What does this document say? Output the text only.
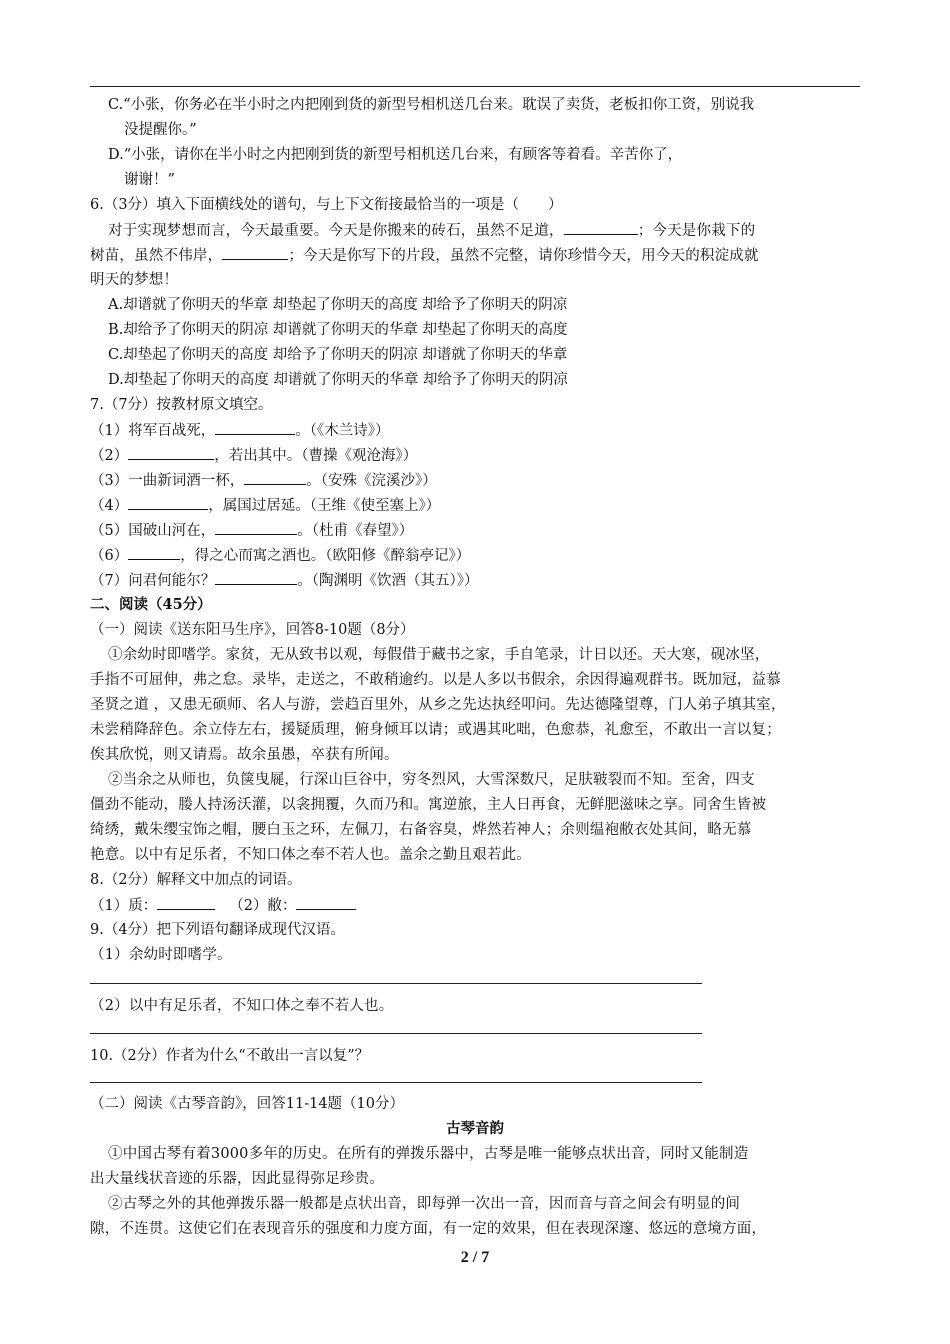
C.“小张，你务必在半小时之内把刚到货的新型号相机送几台来。耽误了卖货，老板扣你工资，别说我
没提醒你。”
D.“小张，请你在半小时之内把刚到货的新型号相机送几台来，有顾客等着看。辛苦你了，
谢谢！”
6.（3分）填入下面横线处的谱句，与上下文衔接最恰当的一项是（　　）
对于实现梦想而言，今天最重要。今天是你搬来的砖石，虽然不足道，	；今天是你栽下的
树苗，虽然不伟岸，	；今天是你写下的片段，虽然不完整，请你珍惜今天，用今天的积淀成就
明天的梦想！
A.却谱就了你明天的华章 却垫起了你明天的高度 却给予了你明天的阴凉
B.却给予了你明天的阴凉 却谱就了你明天的华章 却垫起了你明天的高度
C.却垫起了你明天的高度 却给予了你明天的阴凉 却谱就了你明天的华章
D.却垫起了你明天的高度 却谱就了你明天的华章 却给予了你明天的阴凉
7.（7分）按教材原文填空。
（1）将军百战死，	。（《木兰诗》）
（2）	，若出其中。（曹操《观沧海》）
（3）一曲新词酒一杯，	。（安殊《浣溪沙》）
（4）	，属国过居延。（王维《使至塞上》）
（5）国破山河在，	。（杜甫《春望》）
（6）	，得之心而寓之酒也。（欧阳修《醉翁亭记》）
（7）问君何能尔？	。（陶渊明《饮酒（其五）》）
二、阅读（45分）
（一）阅读《送东阳马生序》，回答8-10题（8分）
①余幼时即嗜学。家贫，无从致书以观，每假借于藏书之家，手自笔录，计日以还。天大寒，砚冰坚，
手指不可屈伸，弗之怠。录毕，走送之，不敢稍逾约。以是人多以书假余，余因得遍观群书。既加冠，益慕
圣贤之道 ，又患无硕师、名人与游，尝趋百里外，从乡之先达执经叩问。先达德隆望尊，门人弟子填其室，
未尝稍降辞色。余立侍左右，援疑质理，俯身倾耳以请；或遇其叱咄，色愈恭，礼愈至，不敢出一言以复；
俟其欣悦，则又请焉。故余虽愚，卒获有所闻。
②当余之从师也，负箧曳屣，行深山巨谷中，穷冬烈风，大雪深数尺，足肤皲裂而不知。至舍，四支
僵劲不能动，媵人持汤沃灌，以衾拥覆，久而乃和。寓逆旅，主人日再食，无鲜肥滋味之享。同舍生皆被
绮绣，戴朱缨宝饰之帽，腰白玉之环，左佩刀，右备容臭，烨然若神人；余则缊袍敝衣处其间，略无慕
艳意。以中有足乐者，不知口体之奉不若人也。盖余之勤且艰若此。
8.（2分）解释文中加点的词语。
（1）质：	（2）敝：
9.（4分）把下列语句翻译成现代汉语。
（1）余幼时即嗜学。
（2）以中有足乐者，不知口体之奉不若人也。
10.（2分）作者为什么“不敢出一言以复”？
（二）阅读《古琴音韵》，回答11-14题（10分）
古琴音韵
①中国古琴有着3000多年的历史。在所有的弹拨乐器中，古琴是唯一能够点状出音，同时又能制造
出大量线状音迹的乐器，因此显得弥足珍贵。
②古琴之外的其他弹拨乐器一般都是点状出音，即每弹一次出一音，因而音与音之间会有明显的间
隙，不连贯。这使它们在表现音乐的强度和力度方面，有一定的效果，但在表现深邃、悠远的意境方面，
2 / 7
